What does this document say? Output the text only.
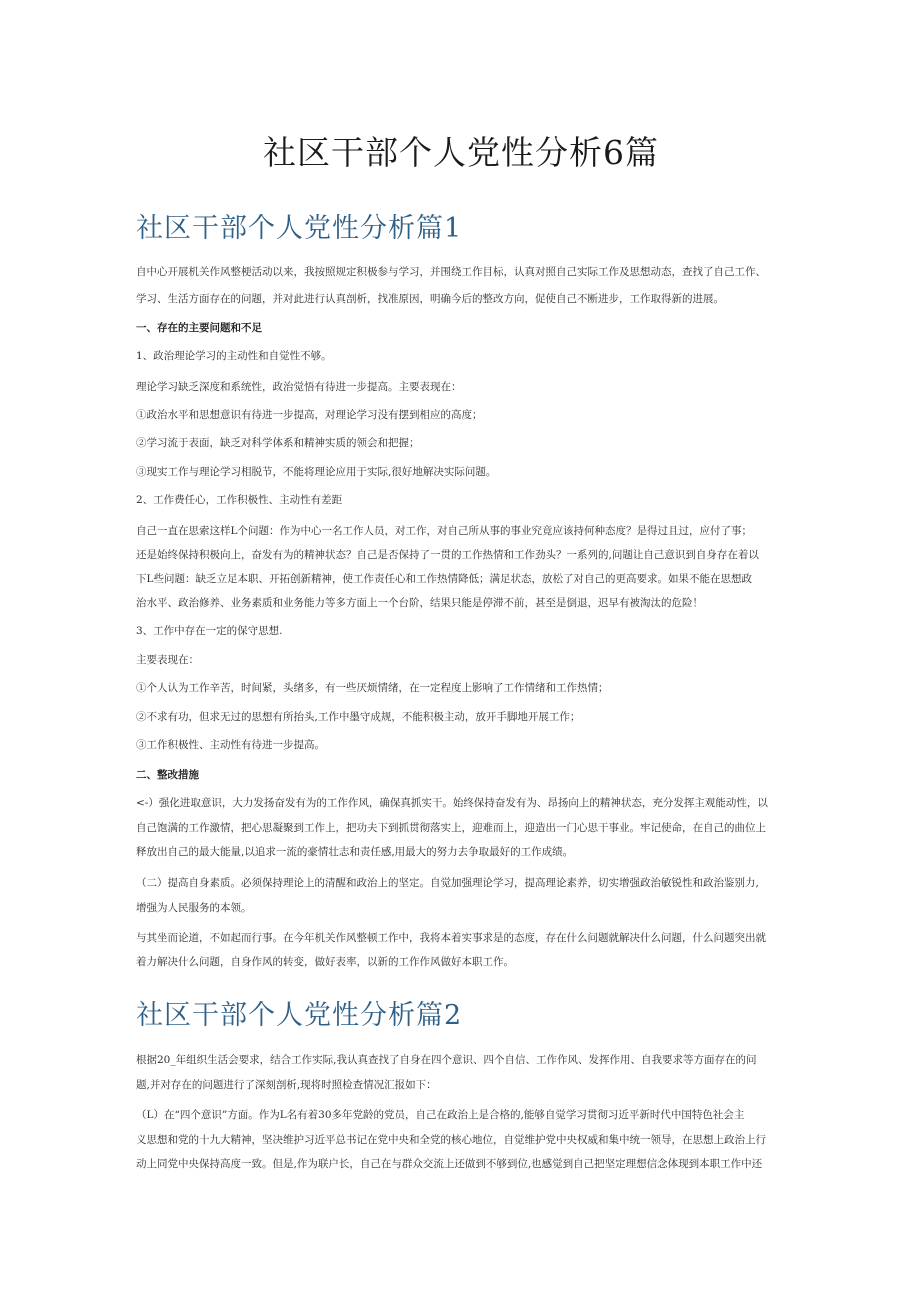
社区干部个人党性分析6篇
社区干部个人党性分析篇1
自中心开展机关作风整梗活动以来，我按照规定积极参与学习，并围绕工作目标，认真对照自己实际工作及思想动态，查找了自己工作、
学习、生活方面存在的问题，并对此进行认真剖析，找准原因，明确今后的整改方向，促使自己不断进步，工作取得新的进展。
一、存在的主要问题和不足
1、政治理论学习的主动性和自觉性不够。
理论学习缺乏深度和系统性，政治觉悟有待进一步提高。主要表现在：
①政治水平和思想意识有待进一步提高，对理论学习没有摆到相应的高度；
②学习流于表面，缺乏对科学体系和精神实质的领会和把握；
③现实工作与理论学习相脱节，不能将理论应用于实际,很好地解决实际问题。
2、工作费任心，工作积极性、主动性有差距
自己一直在思索这样L个问题：作为中心一名工作人员，对工作，对自己所从事的事业究竟应该持何种态度？是得过且过，应付了事；
还是始终保持积极向上，奋发有为的精神状态？自己是否保持了一贯的工作热情和工作劲头？一系列的,问题让自己意识到自身存在着以
下L些问题：缺乏立足本职、开拓创新精神，使工作责任心和工作热情降低；满足状态，放松了对自己的更高要求。如果不能在思想政
治水平、政治修养、业务素质和业务能力等多方面上一个台阶，结果只能是停滞不前，甚至是倒退，迟早有被淘汰的危险！
3、工作中存在一定的保守思想.
主要表现在：
①个人认为工作辛苦，时间紧，头绪多，有一些厌烦情绪，在一定程度上影响了工作情绪和工作热情；
②不求有功，但求无过的思想有所抬头,工作中墨守成规，不能积极主动，放开手脚地开展工作；
③工作积极性、主动性有待进一步提高。
二、整改措施
<-）强化进取意识，大力发扬奋发有为的工作作风，确保真抓实干。始终保持奋发有为、昂扬向上的精神状态，充分发挥主观能动性，以
自己饱满的工作激情，把心思凝聚到工作上，把功夫下到抓贯彻落实上，迎难而上，迎造出一门心思干事业。牢记使命，在自己的曲位上
释放出自己的最大能量,以追求一流的豪情壮志和责任感,用最大的努力去争取最好的工作成绩。
（二）提高自身素质。必须保持理论上的清醒和政治上的坚定。自觉加强理论学习，提高理论素养，切实增强政治敏锐性和政治鉴别力,
增强为人民服务的本领。
与其坐而论道，不如起而行事。在今年机关作风整顿工作中，我将本着实事求是的态度，存在什么问题就解决什么问题，什么问题突出就
着力解决什么问题，自身作风的转变，做好表率，以新的工作作风做好本职工作。
社区干部个人党性分析篇2
根据20_年组织生活会要求，结合工作实际,我认真查找了自身在四个意识、四个自信、工作作风、发挥作用、自我要求等方面存在的问
题,并对存在的问题进行了深刻剖析,现将时照检查情况汇报如下：
（L）在“四个意识”方面。作为L名有着30多年党龄的党员，自己在政治上是合格的,能够自觉学习贯彻习近平新时代中国特色社会主
义思想和党的十九大精神，坚决维护习近平总书记在党中央和全党的核心地位，自觉维护党中央权威和集中统一领导，在思想上政治上行
动上同党中央保持高度一致。但是,作为联户长，自己在与群众交流上还做到不够到位,也感觉到自己把坚定理想信念体现到本职工作中还
